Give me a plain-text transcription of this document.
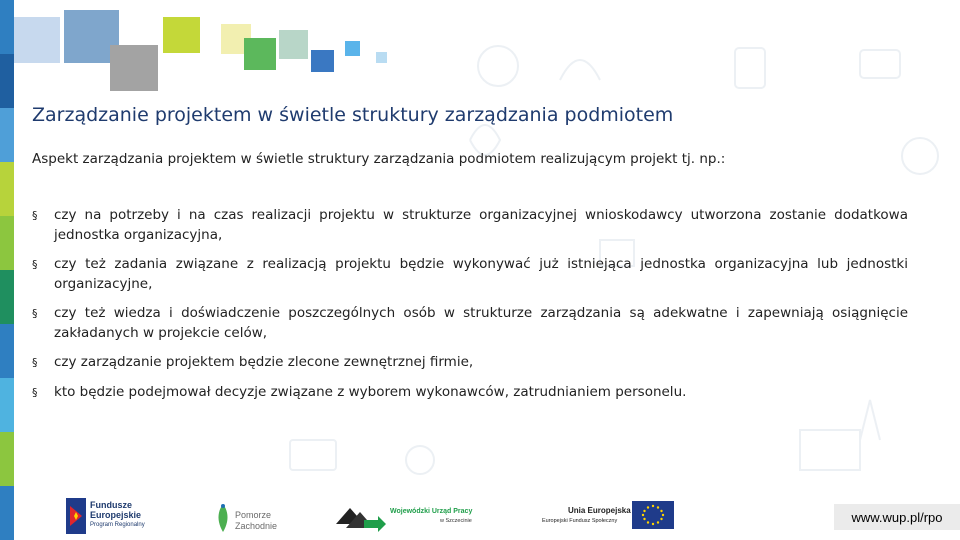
Zarządzanie projektem w świetle struktury zarządzania podmiotem
Aspekt zarządzania projektem w świetle struktury zarządzania podmiotem realizującym projekt tj. np.:
§ czy na potrzeby i na czas realizacji projektu w strukturze organizacyjnej wnioskodawcy utworzona zostanie dodatkowa jednostka organizacyjna,
§ czy też zadania związane z realizacją projektu będzie wykonywać już istniejąca jednostka organizacyjna lub jednostki organizacyjne,
§ czy też wiedza i doświadczenie poszczególnych osób w strukturze zarządzania są adekwatne i zapewniają osiągnięcie zakładanych w projekcie celów,
§ czy zarządzanie projektem będzie zlecone zewnętrznej firmie,
§ kto będzie podejmował decyzje związane z wyborem wykonawców, zatrudnianiem personelu.
Fundusze
Europejskie
Program Regionalny
Pomorze
Zachodnie
Wojewódzki Urząd Pracy
w Szczecinie
Unia Europejska
Europejski Fundusz Społeczny	www.wup.pl/rpo
